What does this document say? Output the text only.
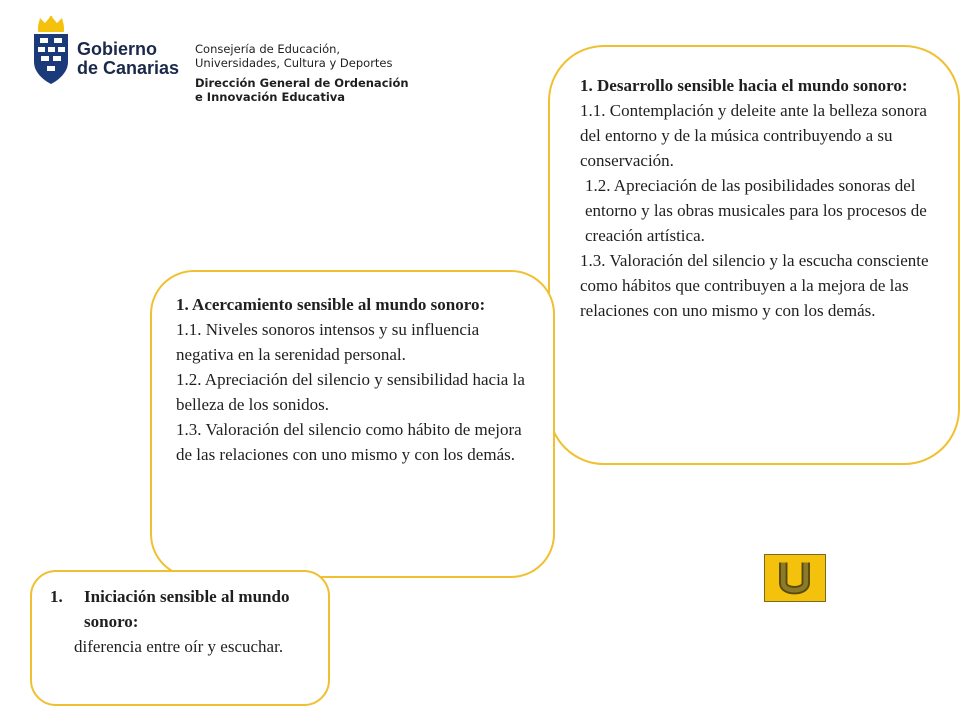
Gobierno
de Canarias
Consejería de Educación,
Universidades, Cultura y Deportes
Dirección General de Ordenación
e Innovación Educativa
1. Desarrollo sensible hacia el mundo sonoro:
1.1. Contemplación y deleite ante la belleza sonora del entorno y de la música contribuyendo a su conservación.
1.2. Apreciación de las posibilidades sonoras del entorno y las obras musicales para los procesos de creación artística.
1.3. Valoración del silencio y la escucha consciente como hábitos que contribuyen a la mejora de las relaciones con uno mismo y con los demás.
1. Acercamiento sensible al mundo sonoro:
1.1. Niveles sonoros intensos y su influencia negativa en la serenidad personal.
1.2. Apreciación del silencio y sensibilidad hacia la belleza de los sonidos.
1.3. Valoración del silencio como hábito de mejora de las relaciones con uno mismo y con los demás.
1.	Iniciación sensible al mundo sonoro:
diferencia entre oír y escuchar.
